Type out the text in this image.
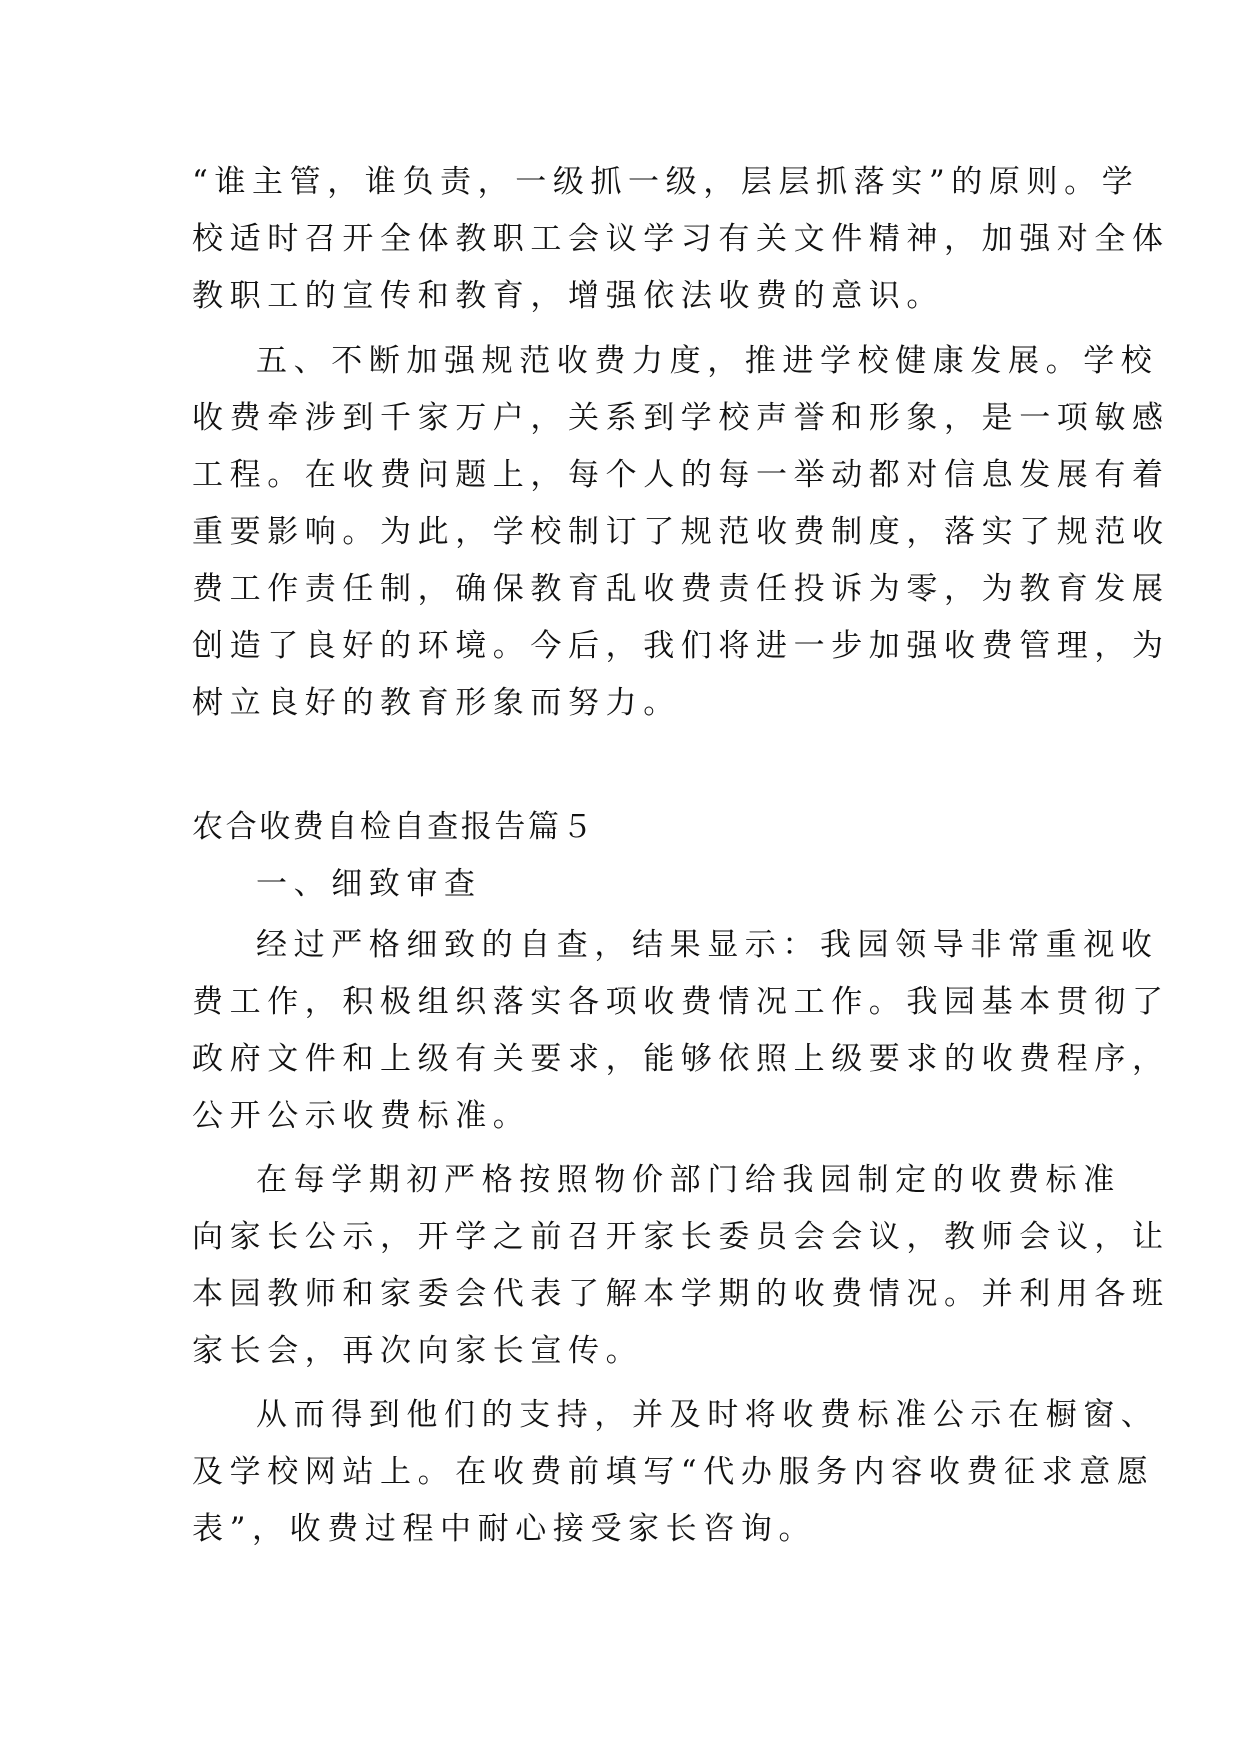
“谁主管，谁负责，一级抓一级，层层抓落实”的原则。学

校适时召开全体教职工会议学习有关文件精神，加强对全体

教职工的宣传和教育，增强依法收费的意识。

五、不断加强规范收费力度，推进学校健康发展。学校

收费牵涉到千家万户，关系到学校声誉和形象，是一项敏感

工程。在收费问题上，每个人的每一举动都对信息发展有着

重要影响。为此，学校制订了规范收费制度，落实了规范收

费工作责任制，确保教育乱收费责任投诉为零，为教育发展

创造了良好的环境。今后，我们将进一步加强收费管理，为

树立良好的教育形象而努力。

农合收费自检自查报告篇５

一、细致审查

经过严格细致的自查，结果显示：我园领导非常重视收

费工作，积极组织落实各项收费情况工作。我园基本贯彻了

政府文件和上级有关要求，能够依照上级要求的收费程序，

公开公示收费标准。

在每学期初严格按照物价部门给我园制定的收费标准

向家长公示，开学之前召开家长委员会会议，教师会议，让

本园教师和家委会代表了解本学期的收费情况。并利用各班

家长会，再次向家长宣传。

从而得到他们的支持，并及时将收费标准公示在橱窗、

及学校网站上。在收费前填写“代办服务内容收费征求意愿

表”，收费过程中耐心接受家长咨询。
